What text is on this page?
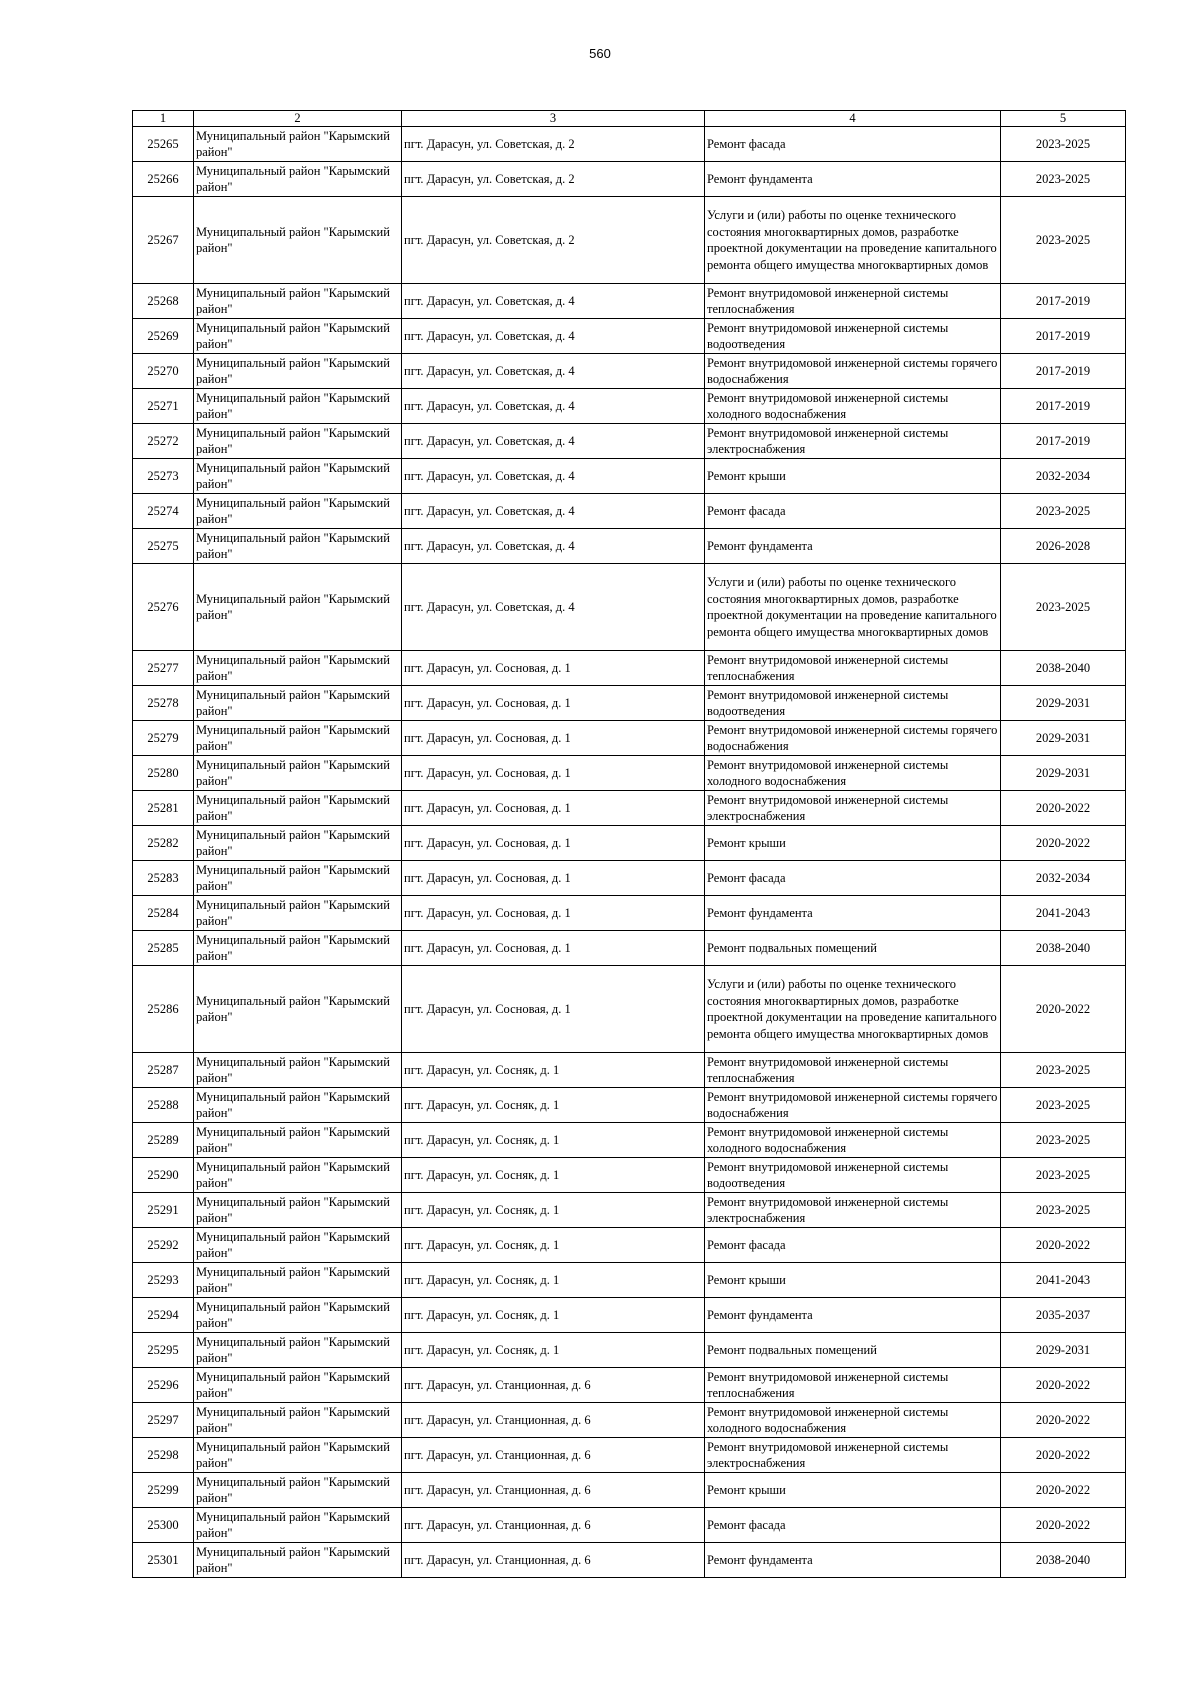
560
1	2	3	4	5
25265	Муниципальный район "Карымский район"	пгт. Дарасун, ул. Советская, д. 2	Ремонт фасада	2023-2025
25266	Муниципальный район "Карымский район"	пгт. Дарасун, ул. Советская, д. 2	Ремонт фундамента	2023-2025
25267	Муниципальный район "Карымский район"	пгт. Дарасун, ул. Советская, д. 2	Услуги и (или) работы по оценке технического состояния многоквартирных домов, разработке проектной документации на проведение капитального ремонта общего имущества многоквартирных домов	2023-2025
25268	Муниципальный район "Карымский район"	пгт. Дарасун, ул. Советская, д. 4	Ремонт внутридомовой инженерной системы теплоснабжения	2017-2019
25269	Муниципальный район "Карымский район"	пгт. Дарасун, ул. Советская, д. 4	Ремонт внутридомовой инженерной системы водоотведения	2017-2019
25270	Муниципальный район "Карымский район"	пгт. Дарасун, ул. Советская, д. 4	Ремонт внутридомовой инженерной системы горячего водоснабжения	2017-2019
25271	Муниципальный район "Карымский район"	пгт. Дарасун, ул. Советская, д. 4	Ремонт внутридомовой инженерной системы холодного водоснабжения	2017-2019
25272	Муниципальный район "Карымский район"	пгт. Дарасун, ул. Советская, д. 4	Ремонт внутридомовой инженерной системы электроснабжения	2017-2019
25273	Муниципальный район "Карымский район"	пгт. Дарасун, ул. Советская, д. 4	Ремонт крыши	2032-2034
25274	Муниципальный район "Карымский район"	пгт. Дарасун, ул. Советская, д. 4	Ремонт фасада	2023-2025
25275	Муниципальный район "Карымский район"	пгт. Дарасун, ул. Советская, д. 4	Ремонт фундамента	2026-2028
25276	Муниципальный район "Карымский район"	пгт. Дарасун, ул. Советская, д. 4	Услуги и (или) работы по оценке технического состояния многоквартирных домов, разработке проектной документации на проведение капитального ремонта общего имущества многоквартирных домов	2023-2025
25277	Муниципальный район "Карымский район"	пгт. Дарасун, ул. Сосновая, д. 1	Ремонт внутридомовой инженерной системы теплоснабжения	2038-2040
25278	Муниципальный район "Карымский район"	пгт. Дарасун, ул. Сосновая, д. 1	Ремонт внутридомовой инженерной системы водоотведения	2029-2031
25279	Муниципальный район "Карымский район"	пгт. Дарасун, ул. Сосновая, д. 1	Ремонт внутридомовой инженерной системы горячего водоснабжения	2029-2031
25280	Муниципальный район "Карымский район"	пгт. Дарасун, ул. Сосновая, д. 1	Ремонт внутридомовой инженерной системы холодного водоснабжения	2029-2031
25281	Муниципальный район "Карымский район"	пгт. Дарасун, ул. Сосновая, д. 1	Ремонт внутридомовой инженерной системы электроснабжения	2020-2022
25282	Муниципальный район "Карымский район"	пгт. Дарасун, ул. Сосновая, д. 1	Ремонт крыши	2020-2022
25283	Муниципальный район "Карымский район"	пгт. Дарасун, ул. Сосновая, д. 1	Ремонт фасада	2032-2034
25284	Муниципальный район "Карымский район"	пгт. Дарасун, ул. Сосновая, д. 1	Ремонт фундамента	2041-2043
25285	Муниципальный район "Карымский район"	пгт. Дарасун, ул. Сосновая, д. 1	Ремонт подвальных помещений	2038-2040
25286	Муниципальный район "Карымский район"	пгт. Дарасун, ул. Сосновая, д. 1	Услуги и (или) работы по оценке технического состояния многоквартирных домов, разработке проектной документации на проведение капитального ремонта общего имущества многоквартирных домов	2020-2022
25287	Муниципальный район "Карымский район"	пгт. Дарасун, ул. Сосняк, д. 1	Ремонт внутридомовой инженерной системы теплоснабжения	2023-2025
25288	Муниципальный район "Карымский район"	пгт. Дарасун, ул. Сосняк, д. 1	Ремонт внутридомовой инженерной системы горячего водоснабжения	2023-2025
25289	Муниципальный район "Карымский район"	пгт. Дарасун, ул. Сосняк, д. 1	Ремонт внутридомовой инженерной системы холодного водоснабжения	2023-2025
25290	Муниципальный район "Карымский район"	пгт. Дарасун, ул. Сосняк, д. 1	Ремонт внутридомовой инженерной системы водоотведения	2023-2025
25291	Муниципальный район "Карымский район"	пгт. Дарасун, ул. Сосняк, д. 1	Ремонт внутридомовой инженерной системы электроснабжения	2023-2025
25292	Муниципальный район "Карымский район"	пгт. Дарасун, ул. Сосняк, д. 1	Ремонт фасада	2020-2022
25293	Муниципальный район "Карымский район"	пгт. Дарасун, ул. Сосняк, д. 1	Ремонт крыши	2041-2043
25294	Муниципальный район "Карымский район"	пгт. Дарасун, ул. Сосняк, д. 1	Ремонт фундамента	2035-2037
25295	Муниципальный район "Карымский район"	пгт. Дарасун, ул. Сосняк, д. 1	Ремонт подвальных помещений	2029-2031
25296	Муниципальный район "Карымский район"	пгт. Дарасун, ул. Станционная, д. 6	Ремонт внутридомовой инженерной системы теплоснабжения	2020-2022
25297	Муниципальный район "Карымский район"	пгт. Дарасун, ул. Станционная, д. 6	Ремонт внутридомовой инженерной системы холодного водоснабжения	2020-2022
25298	Муниципальный район "Карымский район"	пгт. Дарасун, ул. Станционная, д. 6	Ремонт внутридомовой инженерной системы электроснабжения	2020-2022
25299	Муниципальный район "Карымский район"	пгт. Дарасун, ул. Станционная, д. 6	Ремонт крыши	2020-2022
25300	Муниципальный район "Карымский район"	пгт. Дарасун, ул. Станционная, д. 6	Ремонт фасада	2020-2022
25301	Муниципальный район "Карымский район"	пгт. Дарасун, ул. Станционная, д. 6	Ремонт фундамента	2038-2040
